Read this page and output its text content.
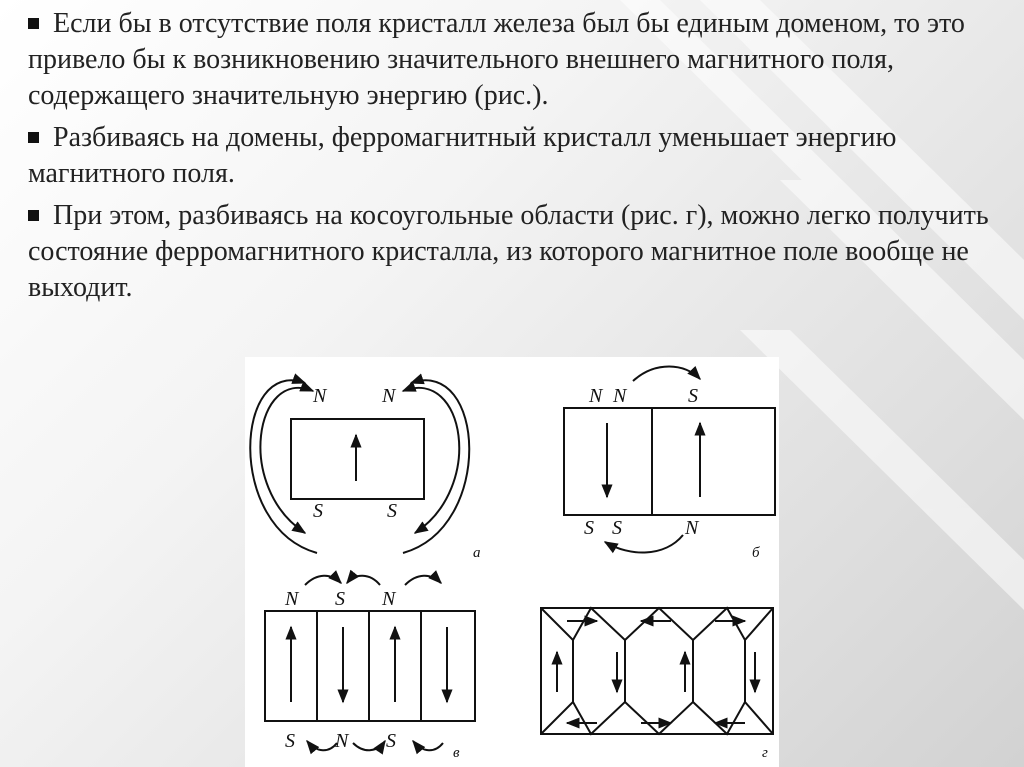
Если бы в отсутствие поля кристалл железа был бы единым доменом, то это привело бы к возникновению значительного внешнего магнитного поля, содержащего значительную энергию (рис.).

Разбиваясь на домены, ферромагнитный кристалл уменьшает энергию магнитного поля.

При этом, разбиваясь на косоугольные области (рис. г), можно легко получить состояние ферромагнитного кристалла, из которого магнитное поле вообще не выходит.

N	N
S	S
а
N N	S
S S	N
б
N S N
S N S
в	г
